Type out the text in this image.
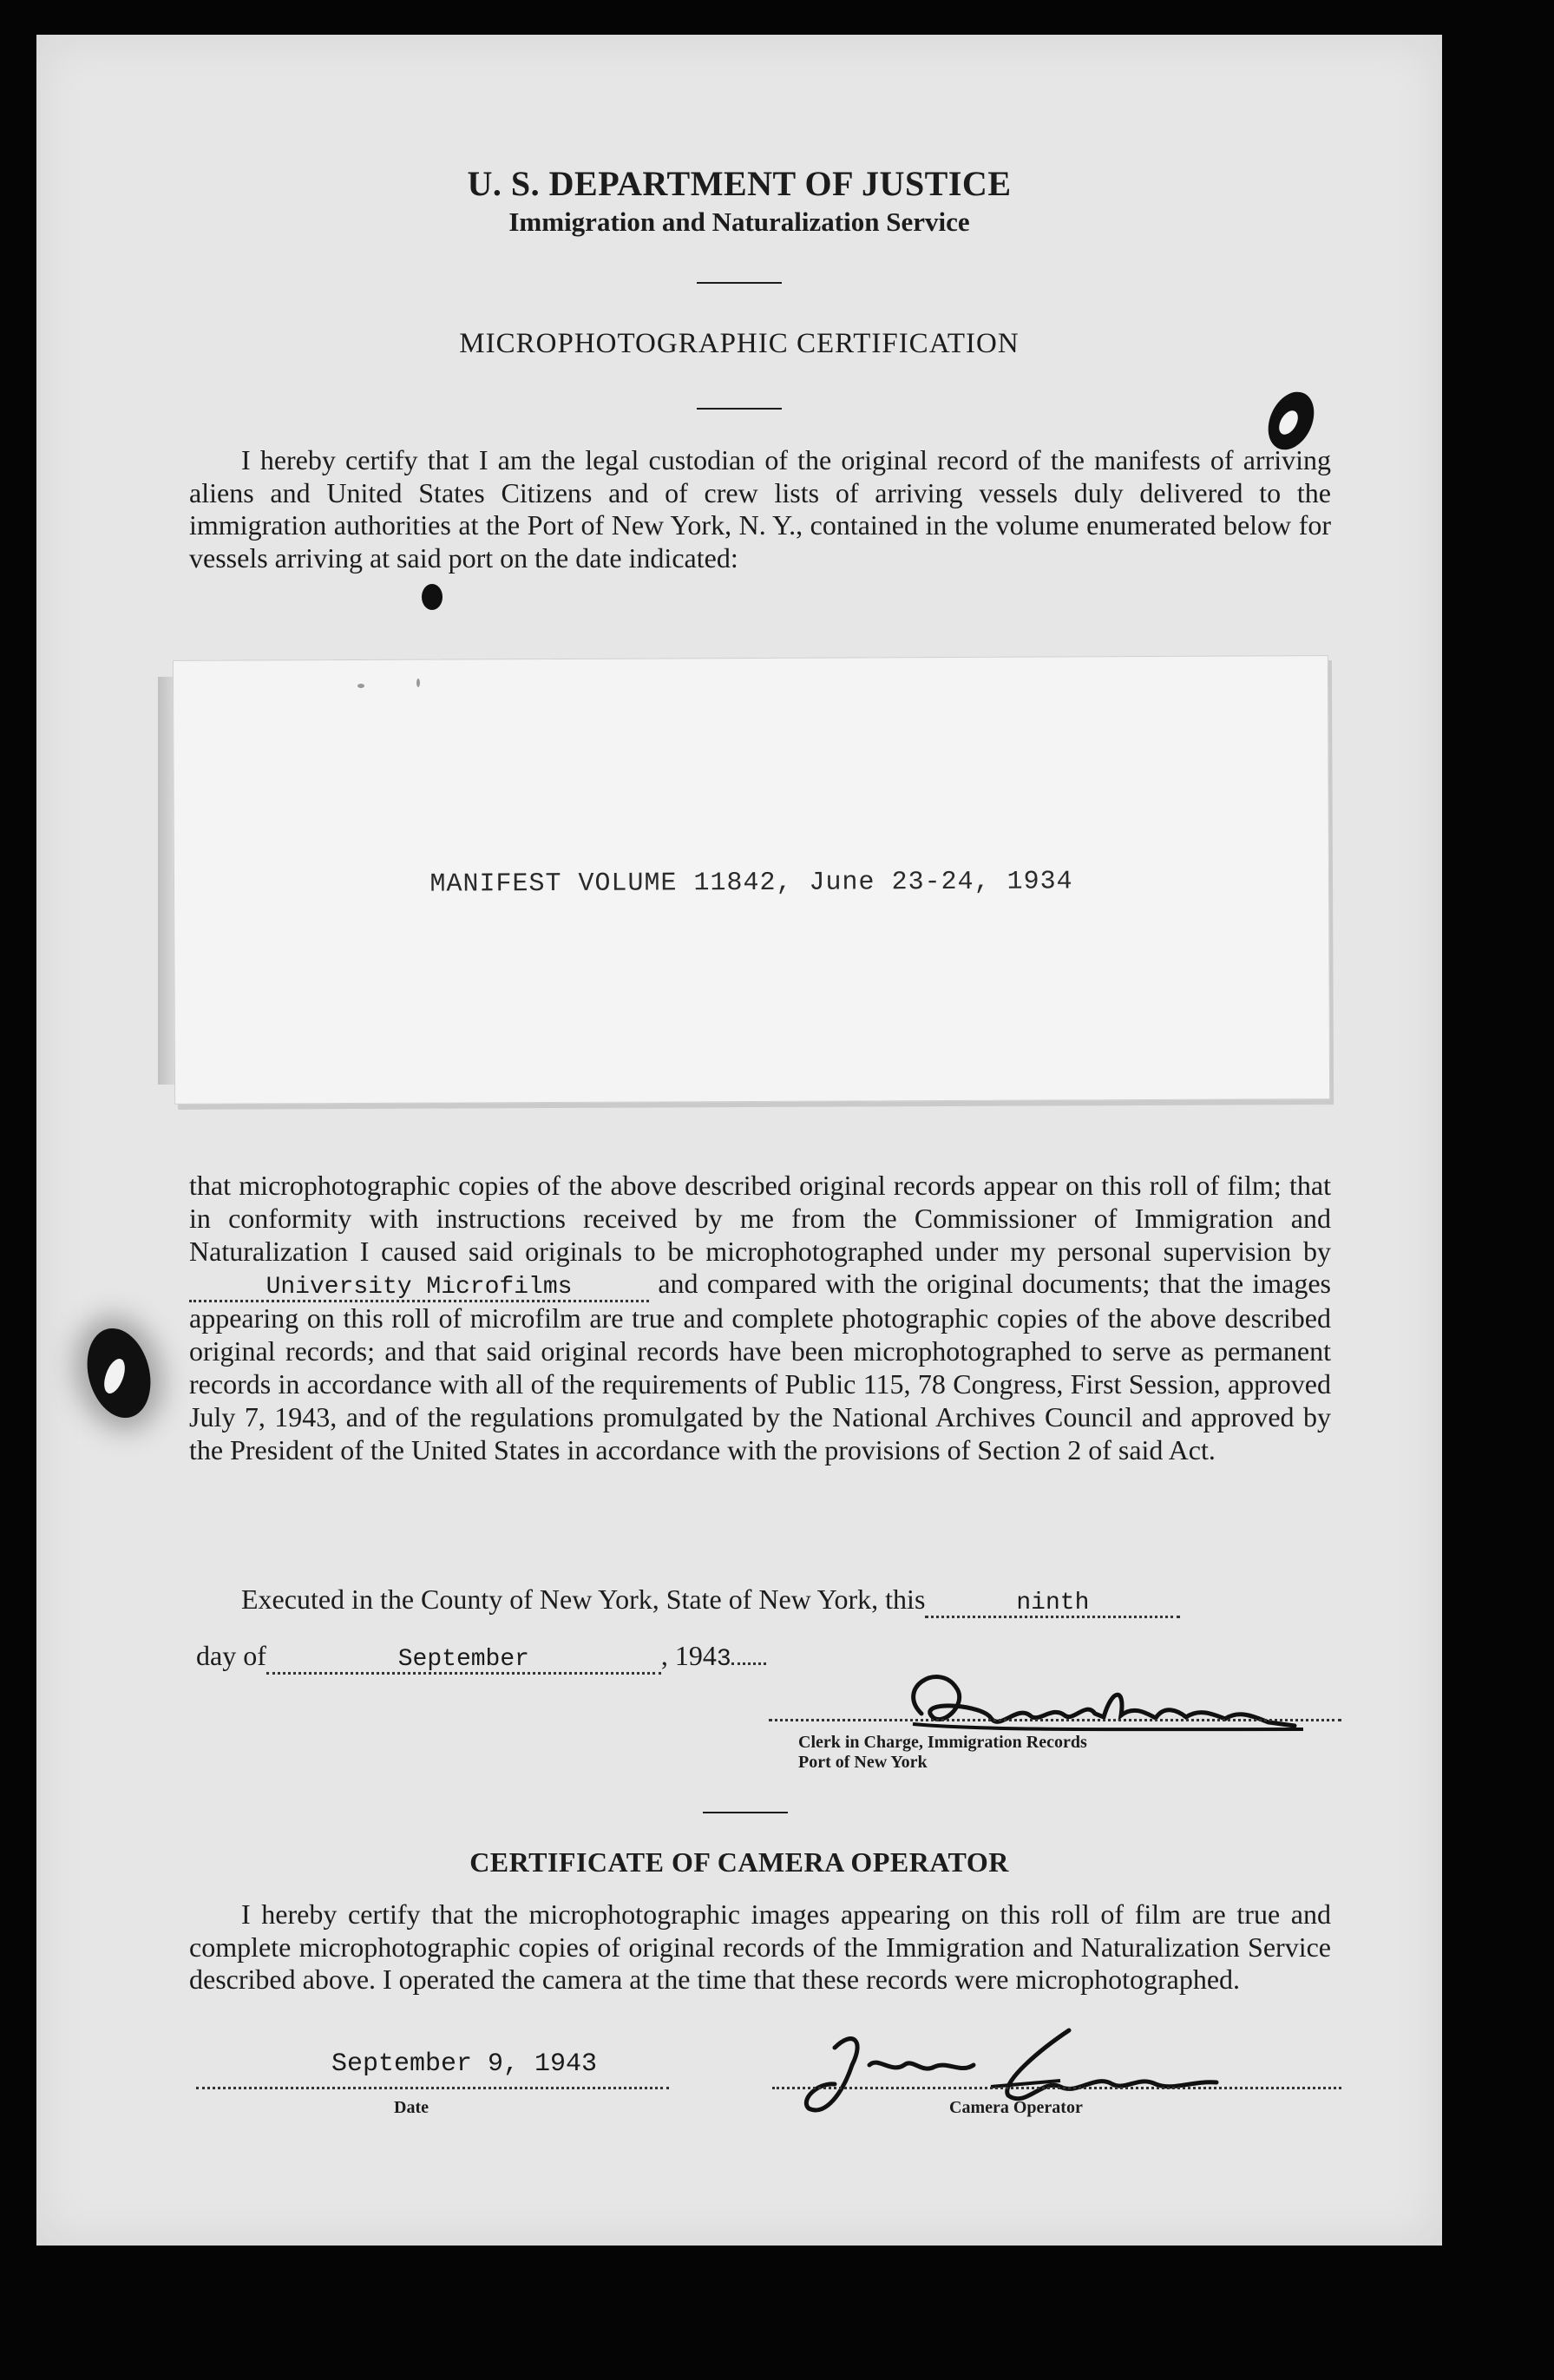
U. S. DEPARTMENT OF JUSTICE
Immigration and Naturalization Service
MICROPHOTOGRAPHIC CERTIFICATION
I hereby certify that I am the legal custodian of the original record of the manifests of arriving aliens and United States Citizens and of crew lists of arriving vessels duly delivered to the immigration authorities at the Port of New York, N. Y., contained in the volume enumerated below for vessels arriving at said port on the date indicated:
MANIFEST VOLUME 11842, June 23-24, 1934
that microphotographic copies of the above described original records appear on this roll of film; that in conformity with instructions received by me from the Commissioner of Immigration and Naturalization I caused said originals to be microphotographed under my personal supervision by University Microfilms	and compared with the original documents; that the images appearing on this roll of microfilm are true and complete photographic copies of the above described original records; and that said original records have been microphotographed to serve as permanent records in accordance with all of the requirements of Public 115, 78 Congress, First Session, approved July 7, 1943, and of the regulations promulgated by the National Archives Council and approved by the President of the United States in accordance with the provisions of Section 2 of said Act.
Executed in the County of New York, State of New York, this	ninth
day of	September	, 1943
Clerk in Charge, Immigration Records
Port of New York
CERTIFICATE OF CAMERA OPERATOR
I hereby certify that the microphotographic images appearing on this roll of film are true and complete microphotographic copies of original records of the Immigration and Naturalization Service described above. I operated the camera at the time that these records were microphotographed.
September 9, 1943
Date	Camera Operator
